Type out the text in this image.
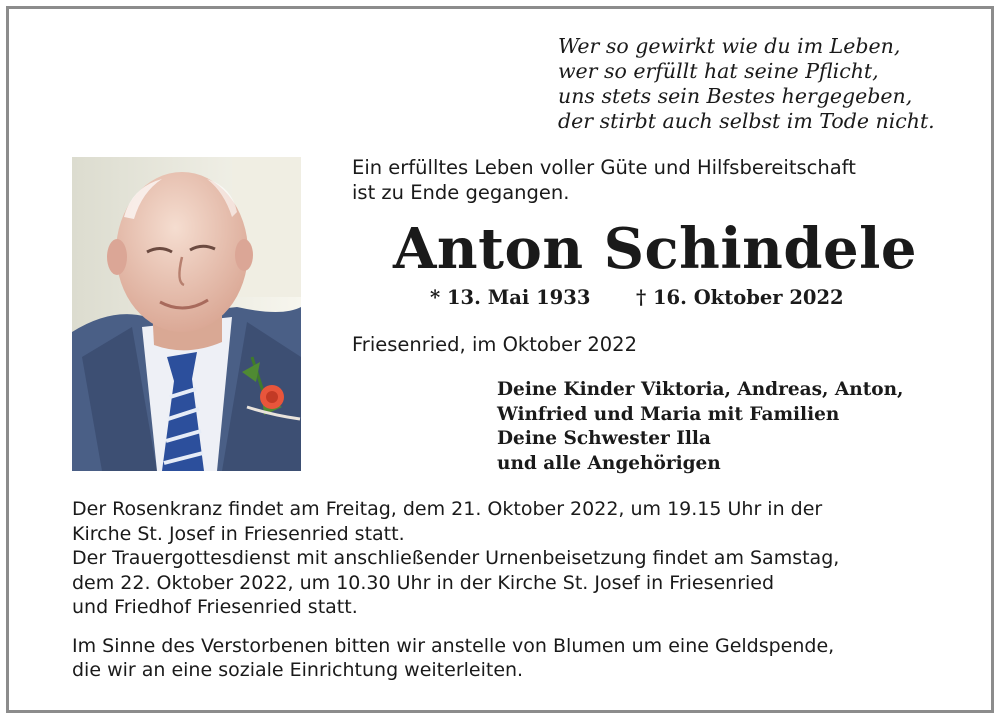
Wer so gewirkt wie du im Leben,
wer so erfüllt hat seine Pflicht,
uns stets sein Bestes hergegeben,
der stirbt auch selbst im Tode nicht.
Ein erfülltes Leben voller Güte und Hilfsbereitschaft
ist zu Ende gegangen.
Anton Schindele
* 13. Mai 1933 † 16. Oktober 2022
Friesenried, im Oktober 2022
Deine Kinder Viktoria, Andreas, Anton,
Winfried und Maria mit Familien
Deine Schwester Illa
und alle Angehörigen
Der Rosenkranz findet am Freitag, dem 21. Oktober 2022, um 19.15 Uhr in der
Kirche St. Josef in Friesenried statt.
Der Trauergottesdienst mit anschließender Urnenbeisetzung findet am Samstag,
dem 22. Oktober 2022, um 10.30 Uhr in der Kirche St. Josef in Friesenried
und Friedhof Friesenried statt.
Im Sinne des Verstorbenen bitten wir anstelle von Blumen um eine Geldspende,
die wir an eine soziale Einrichtung weiterleiten.
